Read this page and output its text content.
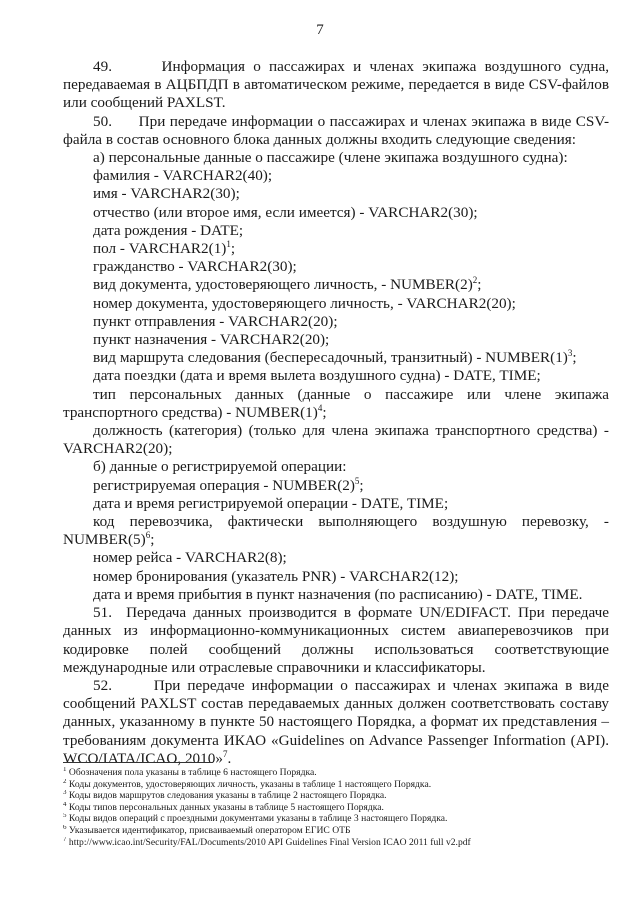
7

49.      Информация о пассажирах и членах экипажа воздушного судна, передаваемая в АЦБПДП в автоматическом режиме, передается в виде CSV-файлов или сообщений PAXLST.

50.      При передаче информации о пассажирах и членах экипажа в виде CSV-файла в состав основного блока данных должны входить следующие сведения:

а) персональные данные о пассажире (члене экипажа воздушного судна):

фамилия - VARCHAR2(40);

имя - VARCHAR2(30);

отчество (или второе имя, если имеется) - VARCHAR2(30);

дата рождения - DATE;

пол - $VARCHAR2(1)^1$;

гражданство - VARCHAR2(30);

вид документа, удостоверяющего личность, - $NUMBER(2)^2$;

номер документа, удостоверяющего личность, - VARCHAR2(20);

пункт отправления - VARCHAR2(20);

пункт назначения - VARCHAR2(20);

вид маршрута следования (беспересадочный, транзитный) - $NUMBER(1)^3$;

дата поездки (дата и время вылета воздушного судна) - DATE, TIME;

тип персональных данных (данные о пассажире или члене экипажа транспортного средства) - $NUMBER(1)^4$;

должность (категория) (только для члена экипажа транспортного средства) - VARCHAR2(20);

б) данные о регистрируемой операции:

регистрируемая операция - $NUMBER(2)^5$;

дата и время регистрируемой операции - DATE, TIME;

код перевозчика, фактически выполняющего воздушную перевозку, - $NUMBER(5)^6$;

номер рейса - VARCHAR2(8);

номер бронирования (указатель PNR) - VARCHAR2(12);

дата и время прибытия в пункт назначения (по расписанию) - DATE, TIME.

51.  Передача данных производится в формате UN/EDIFACT. При передаче данных из информационно-коммуникационных систем авиаперевозчиков при кодировке полей сообщений должны использоваться соответствующие международные или отраслевые справочники и классификаторы.

52.      При передаче информации о пассажирах и членах экипажа в виде сообщений PAXLST состав передаваемых данных должен соответствовать составу данных, указанному в пункте 50 настоящего Порядка, а формат их представления – требованиям документа ИКАО «Guidelines on Advance Passenger Information (API). WCO/IATA/ICAO, 2010»$^7$.

$^1$ Обозначения пола указаны в таблице 6 настоящего Порядка.

$^2$ Коды документов, удостоверяющих личность, указаны в таблице 1 настоящего Порядка.

$^3$ Коды видов маршрутов следования указаны в таблице 2 настоящего Порядка.

$^4$ Коды типов персональных данных указаны в таблице 5 настоящего Порядка.

$^5$ Коды видов операций с проездными документами указаны в таблице 3 настоящего Порядка.

$^6$ Указывается идентификатор, присваиваемый оператором ЕГИС ОТБ

$^7$ http://www.icao.int/Security/FAL/Documents/2010 API Guidelines Final Version ICAO 2011 full v2.pdf
